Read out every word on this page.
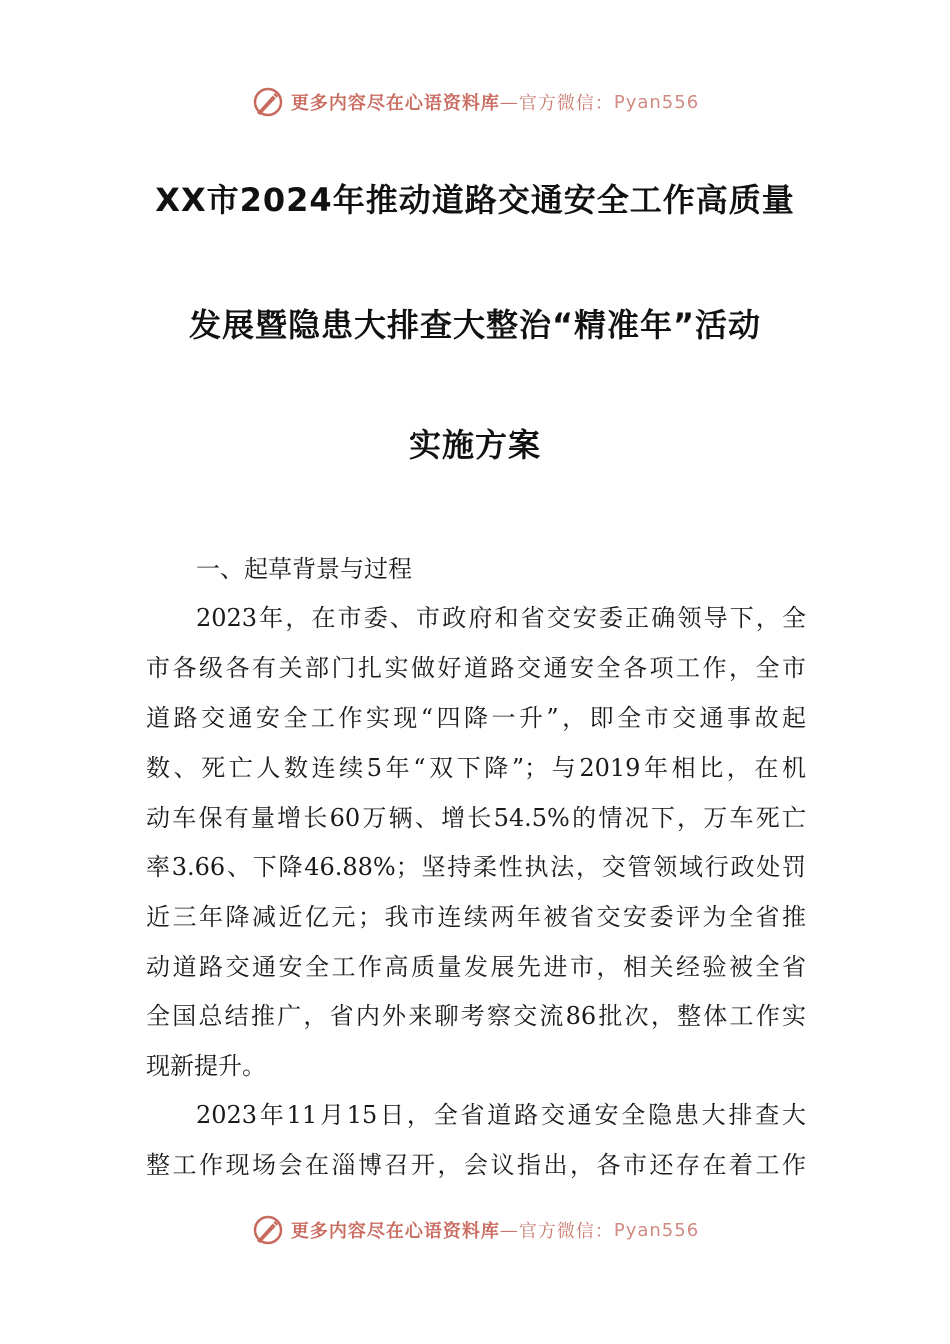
更多内容尽在心语资料库 — 官方微信： Pyan556
XX市2024年推动道路交通安全工作高质量
发展暨隐患大排查大整治“精准年”活动
实施方案
一、起草背景与过程
2023年，在市委、市政府和省交安委正确领导下，全
市各级各有关部门扎实做好道路交通安全各项工作，全市
道路交通安全工作实现“四降一升”，即全市交通事故起
数、死亡人数连续5年“双下降”；与2019年相比，在机
动车保有量增长60万辆、增长54.5%的情况下，万车死亡
率3.66、下降46.88%；坚持柔性执法，交管领域行政处罚
近三年降减近亿元；我市连续两年被省交安委评为全省推
动道路交通安全工作高质量发展先进市，相关经验被全省
全国总结推广，省内外来聊考察交流86批次，整体工作实
现新提升。
2023年11月15日，全省道路交通安全隐患大排查大
整工作现场会在淄博召开，会议指出，各市还存在着工作
更多内容尽在心语资料库 — 官方微信： Pyan556
